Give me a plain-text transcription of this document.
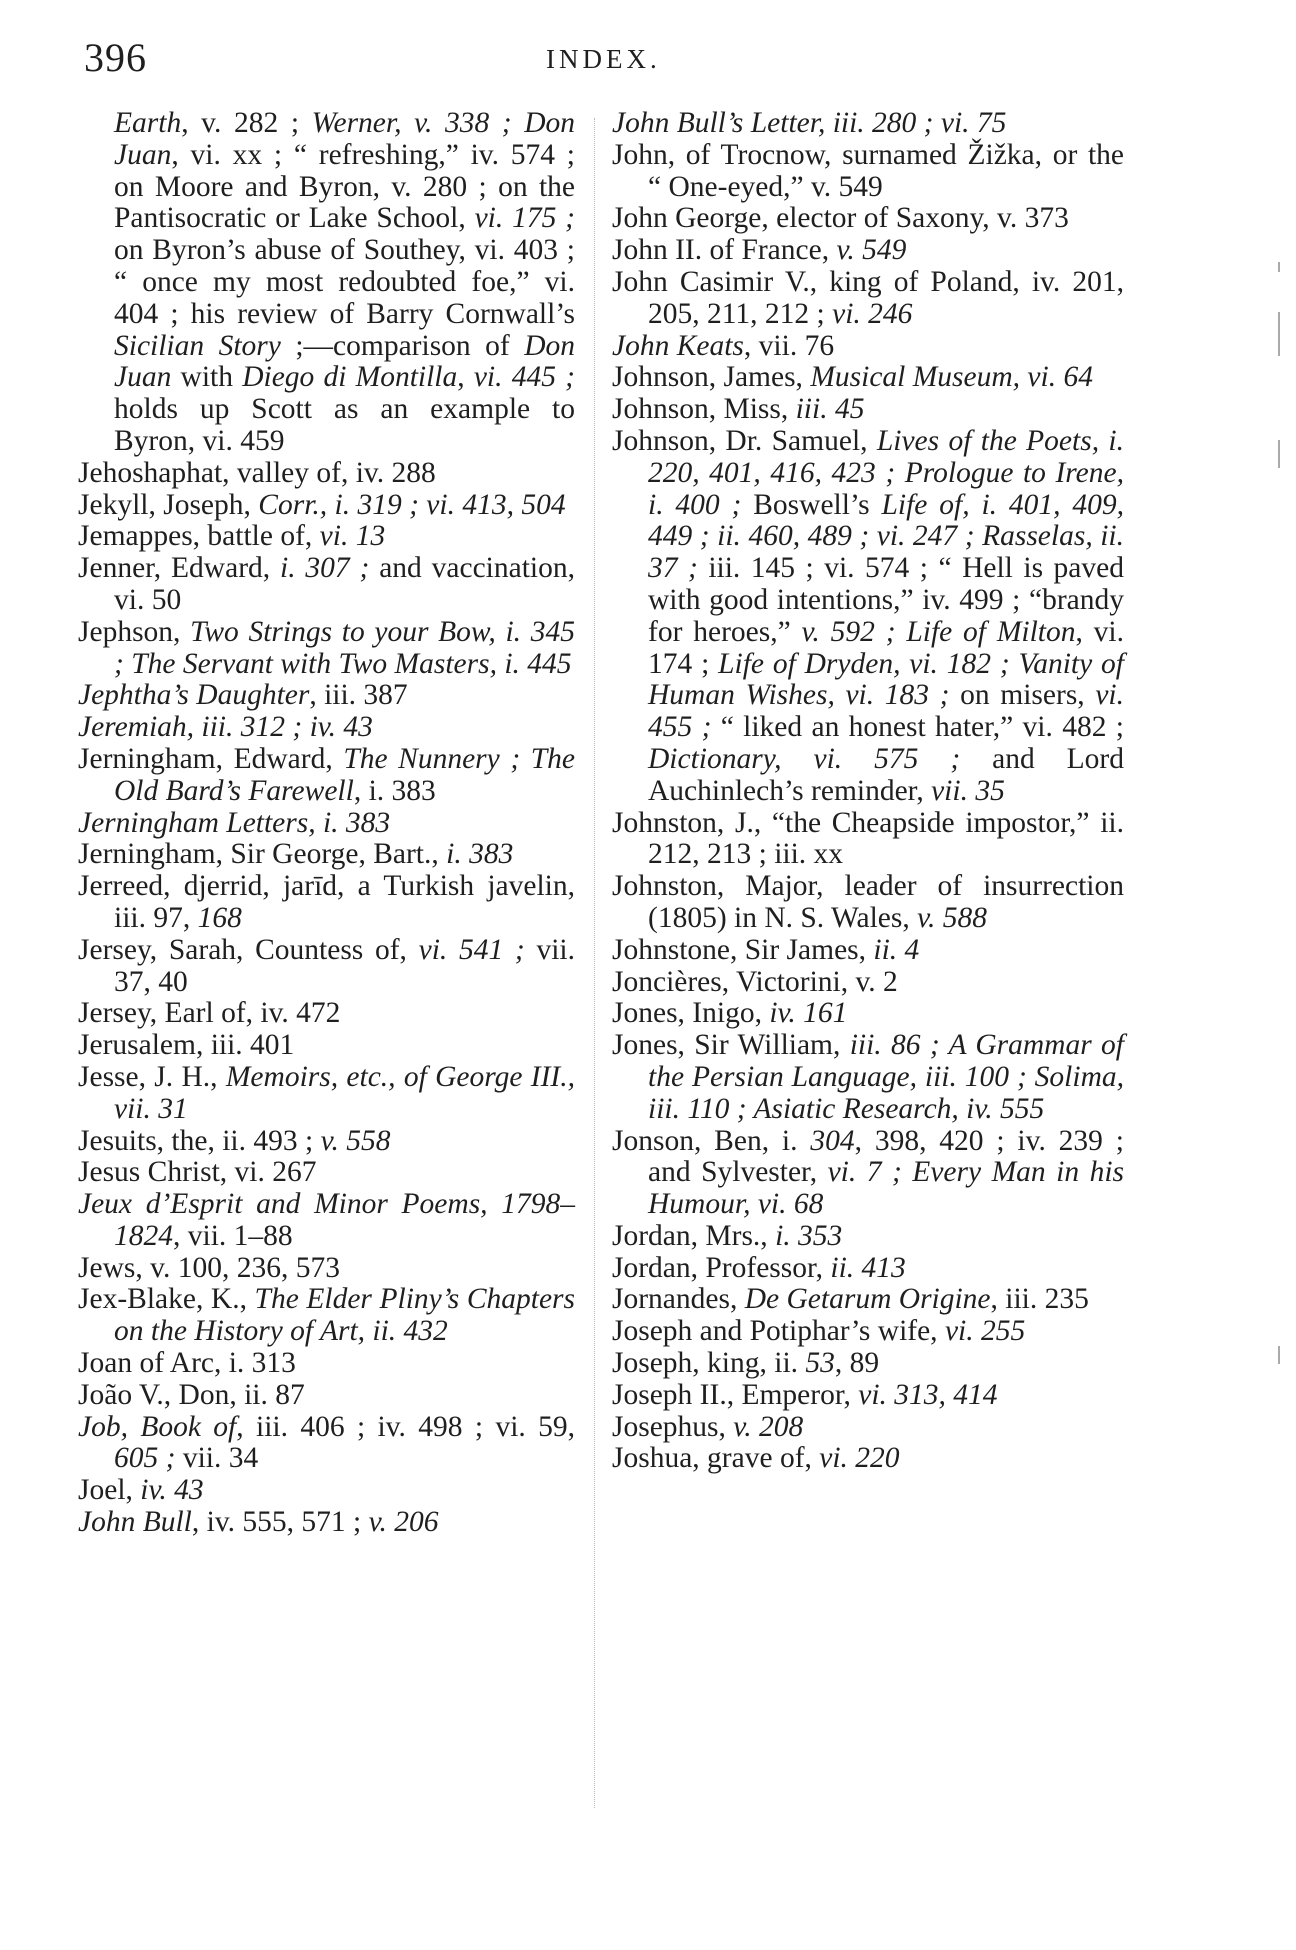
396	INDEX.

Earth, v. 282 ; Werner, v. 338 ; Don Juan, vi. xx ; “ refreshing,” iv. 574 ; on Moore and Byron, v. 280 ; on the Pantisocratic or Lake School, vi. 175 ; on Byron’s abuse of Southey, vi. 403 ; “ once my most redoubted foe,” vi. 404 ; his review of Barry Cornwall’s Sicilian Story ;—comparison of Don Juan with Diego di Montilla, vi. 445 ; holds up Scott as an example to Byron, vi. 459

Jehoshaphat, valley of, iv. 288

Jekyll, Joseph, Corr., i. 319 ; vi. 413, 504

Jemappes, battle of, vi. 13

Jenner, Edward, i. 307 ; and vaccination, vi. 50

Jephson, Two Strings to your Bow, i. 345 ; The Servant with Two Masters, i. 445

Jephtha’s Daughter, iii. 387

Jeremiah, iii. 312 ; iv. 43

Jerningham, Edward, The Nunnery ; The Old Bard’s Farewell, i. 383

Jerningham Letters, i. 383

Jerningham, Sir George, Bart., i. 383

Jerreed, djerrid, jarīd, a Turkish javelin, iii. 97, 168

Jersey, Sarah, Countess of, vi. 541 ; vii. 37, 40

Jersey, Earl of, iv. 472

Jerusalem, iii. 401

Jesse, J. H., Memoirs, etc., of George III., vii. 31

Jesuits, the, ii. 493 ; v. 558

Jesus Christ, vi. 267

Jeux d’Esprit and Minor Poems, 1798–1824, vii. 1–88

Jews, v. 100, 236, 573

Jex-Blake, K., The Elder Pliny’s Chapters on the History of Art, ii. 432

Joan of Arc, i. 313

João V., Don, ii. 87

Job, Book of, iii. 406 ; iv. 498 ; vi. 59, 605 ; vii. 34

Joel, iv. 43

John Bull, iv. 555, 571 ; v. 206

John Bull’s Letter, iii. 280 ; vi. 75

John, of Trocnow, surnamed Žižka, or the “ One-eyed,” v. 549

John George, elector of Saxony, v. 373

John II. of France, v. 549

John Casimir V., king of Poland, iv. 201, 205, 211, 212 ; vi. 246

John Keats, vii. 76

Johnson, James, Musical Museum, vi. 64

Johnson, Miss, iii. 45

Johnson, Dr. Samuel, Lives of the Poets, i. 220, 401, 416, 423 ; Prologue to Irene, i. 400 ; Boswell’s Life of, i. 401, 409, 449 ; ii. 460, 489 ; vi. 247 ; Rasselas, ii. 37 ; iii. 145 ; vi. 574 ; “ Hell is paved with good intentions,” iv. 499 ; “brandy for heroes,” v. 592 ; Life of Milton, vi. 174 ; Life of Dryden, vi. 182 ; Vanity of Human Wishes, vi. 183 ; on misers, vi. 455 ; “ liked an honest hater,” vi. 482 ; Dictionary, vi. 575 ; and Lord Auchinlech’s reminder, vii. 35

Johnston, J., “the Cheapside impostor,” ii. 212, 213 ; iii. xx

Johnston, Major, leader of insurrection (1805) in N. S. Wales, v. 588

Johnstone, Sir James, ii. 4

Joncières, Victorini, v. 2

Jones, Inigo, iv. 161

Jones, Sir William, iii. 86 ; A Grammar of the Persian Language, iii. 100 ; Solima, iii. 110 ; Asiatic Research, iv. 555

Jonson, Ben, i. 304, 398, 420 ; iv. 239 ; and Sylvester, vi. 7 ; Every Man in his Humour, vi. 68

Jordan, Mrs., i. 353

Jordan, Professor, ii. 413

Jornandes, De Getarum Origine, iii. 235

Joseph and Potiphar’s wife, vi. 255

Joseph, king, ii. 53, 89

Joseph II., Emperor, vi. 313, 414

Josephus, v. 208

Joshua, grave of, vi. 220
